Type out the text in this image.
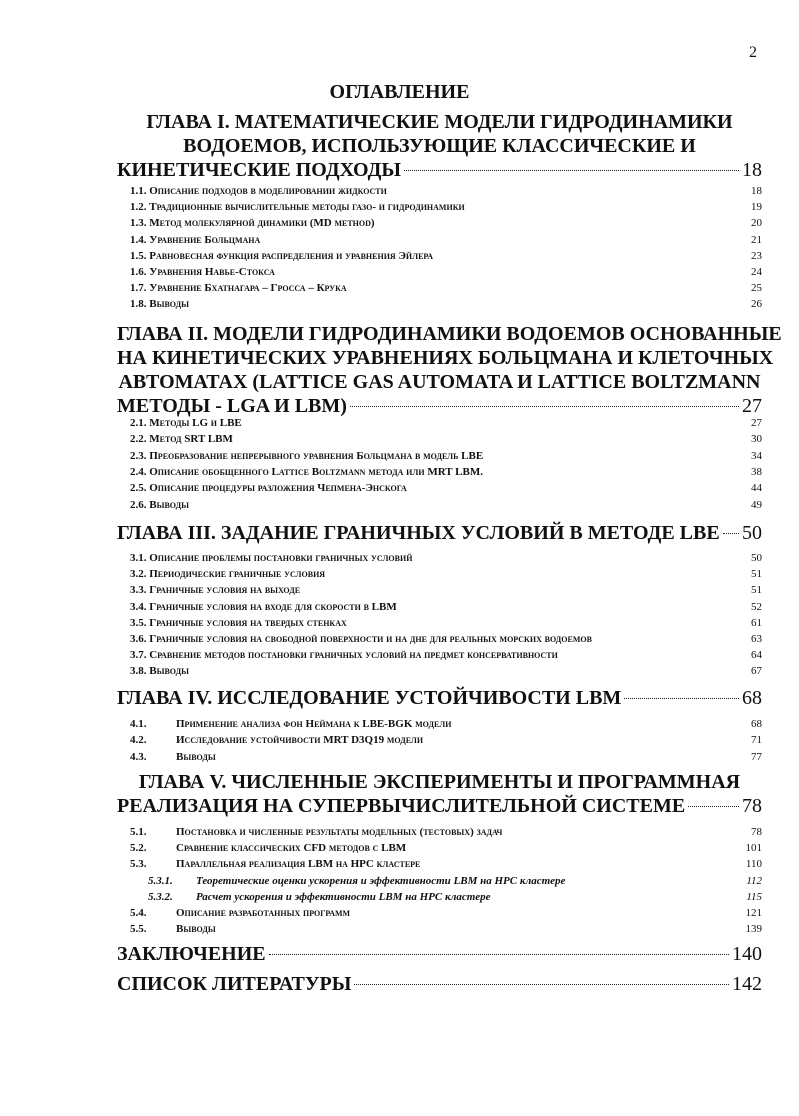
2
ОГЛАВЛЕНИЕ
ГЛАВА I. МАТЕМАТИЧЕСКИЕ МОДЕЛИ ГИДРОДИНАМИКИ
ВОДОЕМОВ, ИСПОЛЬЗУЮЩИЕ КЛАССИЧЕСКИЕ И
КИНЕТИЧЕСКИЕ ПОДХОДЫ	18
1.1. Описание подходов в моделировании жидкости	18
1.2. Традиционные вычислительные методы газо- и гидродинамики	19
1.3. Метод молекулярной динамики (MD method)	20
1.4. Уравнение Больцмана	21
1.5. Равновесная функция распределения и уравнения Эйлера	23
1.6. Уравнения Навье-Стокса	24
1.7. Уравнение Бхатнагара – Гросса – Крука	25
1.8. Выводы	26
ГЛАВА II. МОДЕЛИ ГИДРОДИНАМИКИ ВОДОЕМОВ ОСНОВАННЫЕ
НА КИНЕТИЧЕСКИХ УРАВНЕНИЯХ БОЛЬЦМАНА И КЛЕТОЧНЫХ
АВТОМАТАХ (LATTICE GAS AUTOMATA И LATTICE BOLTZMANN
МЕТОДЫ - LGA И LBM)	27
2.1. Методы LG и LBE	27
2.2. Метод SRT LBM	30
2.3. Преобразование непрерывного уравнения Больцмана в модель LBE	34
2.4. Описание обобщенного Lattice Boltzmann метода или MRT LBM.	38
2.5. Описание процедуры разложения Чепмена-Энскога	44
2.6. Выводы	49
ГЛАВА III. ЗАДАНИЕ ГРАНИЧНЫХ УСЛОВИЙ В МЕТОДЕ LBE 50
3.1. Описание проблемы постановки граничных условий	50
3.2. Периодические граничные условия	51
3.3. Граничные условия на выходе	51
3.4. Граничные условия на входе для скорости в LBM	52
3.5. Граничные условия на твердых стенках	61
3.6. Граничные условия на свободной поверхности и на дне для реальных морских водоемов	63
3.7. Сравнение методов постановки граничных условий на предмет консервативности	64
3.8. Выводы	67
ГЛАВА IV. ИССЛЕДОВАНИЕ УСТОЙЧИВОСТИ LBM	68
4.1.	Применение анализа фон Неймана к LBE-BGK модели	68
4.2.	Исследование устойчивости MRT D3Q19 модели	71
4.3.	Выводы	77
ГЛАВА V. ЧИСЛЕННЫЕ ЭКСПЕРИМЕНТЫ И ПРОГРАММНАЯ
РЕАЛИЗАЦИЯ НА СУПЕРВЫЧИСЛИТЕЛЬНОЙ СИСТЕМЕ	78
5.1.	Постановка и численные результаты модельных (тестовых) задач	78
5.2.	Сравнение классических CFD методов с LBM	101
5.3.	Параллельная реализация LBM на HPC кластере	110
5.3.1. Теоретические оценки ускорения и эффективности LBM на HPC кластере	112
5.3.2. Расчет ускорения и эффективности LBM на HPC кластере	115
5.4.	Описание разработанных программ	121
5.5.	Выводы	139
ЗАКЛЮЧЕНИЕ	140
СПИСОК ЛИТЕРАТУРЫ	142
